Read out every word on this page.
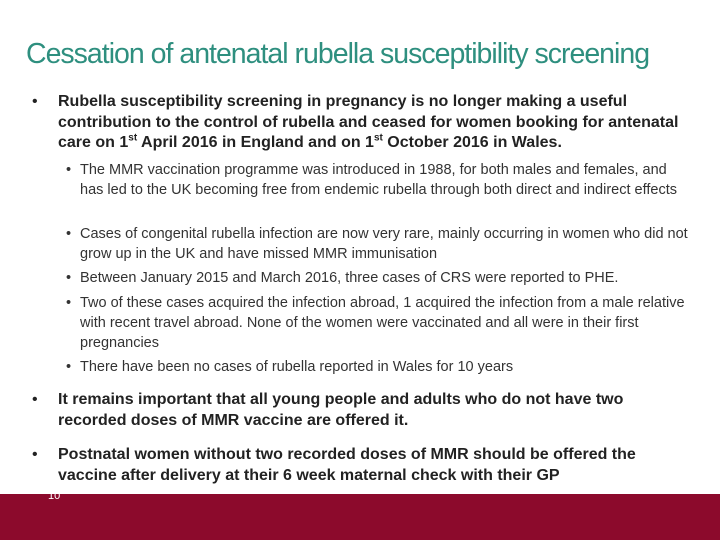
Cessation of antenatal rubella susceptibility screening
• Rubella susceptibility screening in pregnancy is no longer making a useful contribution to the control of rubella and ceased for women booking for antenatal care on 1st April 2016 in England and on 1st October 2016 in Wales.
• The MMR vaccination programme was introduced in 1988, for both males and females, and has led to the UK becoming free from endemic rubella through both direct and indirect effects
• Cases of congenital rubella infection are now very rare, mainly occurring in women who did not grow up in the UK and have missed MMR immunisation
• Between January 2015 and March 2016, three cases of CRS were reported to PHE.
• Two of these cases acquired the infection abroad, 1 acquired the infection from a male relative with recent travel abroad. None of the women were vaccinated and all were in their first pregnancies
• There have been no cases of rubella reported in Wales for 10 years
• It remains important that all young people and adults who do not have two recorded doses of MMR vaccine are offered it.
• Postnatal women without two recorded doses of MMR should be offered the vaccine after delivery at their 6 week maternal check with their GP
10
